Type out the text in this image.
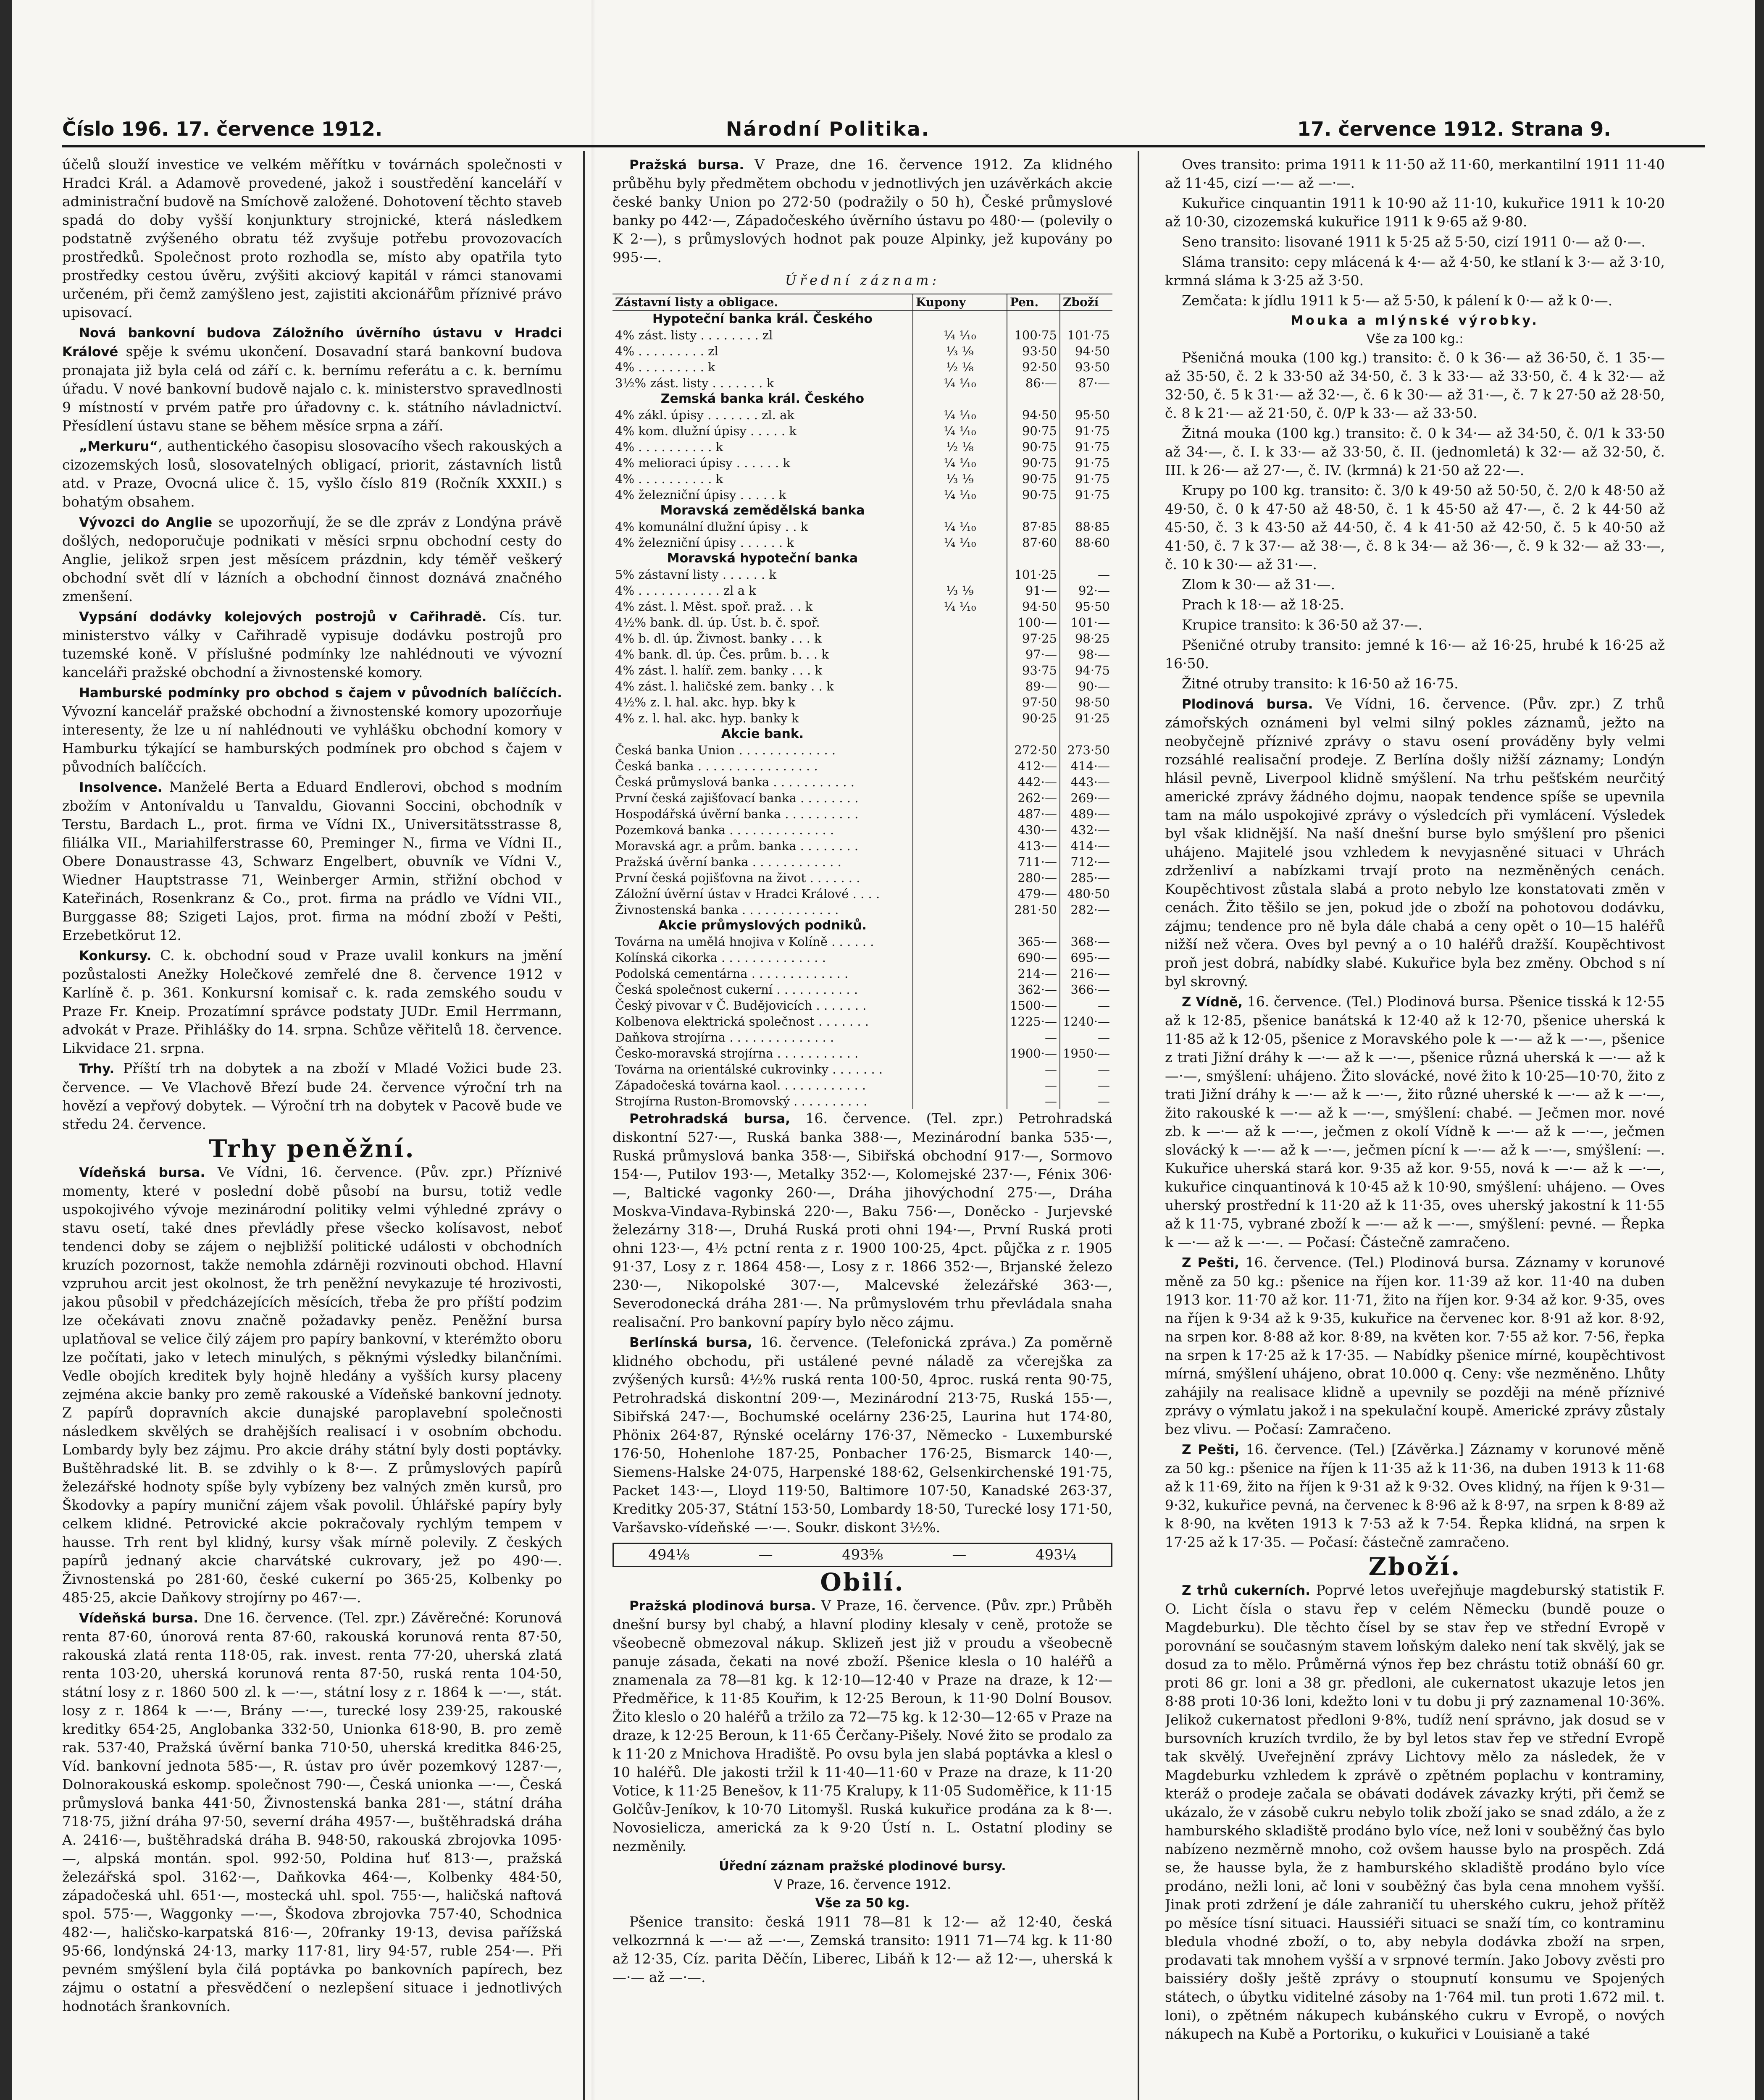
Číslo 196. 17. července 1912.	Národní Politika.	17. července 1912. Strana 9.

účelů slouží investice ve velkém měřítku v továrnách společnosti v Hradci Král. a Adamově provedené, jakož i soustředění kanceláří v administrační budově na Smíchově založené. Dohotovení těchto staveb spadá do doby vyšší konjunktury strojnické, která následkem podstatně zvýšeného obratu též zvyšuje potřebu provozovacích prostředků. Společnost proto rozhodla se, místo aby opatřila tyto prostředky cestou úvěru, zvýšiti akciový kapitál v rámci stanovami určeném, při čemž zamýšleno jest, zajistiti akcionářům příznivé právo upisovací.

Nová bankovní budova Záložního úvěrního ústavu v Hradci Králové spěje k svému ukončení. Dosavadní stará bankovní budova pronajata již byla celá od září c. k. bernímu referátu a c. k. bernímu úřadu. V nové bankovní budově najalo c. k. ministerstvo spravedlnosti 9 místností v prvém patře pro úřadovny c. k. státního návladnictví. Přesídlení ústavu stane se během měsíce srpna a září.

„Merkuru“, authentického časopisu slosovacího všech rakouských a cizozemských losů, slosovatelných obligací, priorit, zástavních listů atd. v Praze, Ovocná ulice č. 15, vyšlo číslo 819 (Ročník XXXII.) s bohatým obsahem.

Vývozci do Anglie se upozorňují, že se dle zpráv z Londýna právě došlých, nedoporučuje podnikati v měsíci srpnu obchodní cesty do Anglie, jelikož srpen jest měsícem prázdnin, kdy téměř veškerý obchodní svět dlí v lázních a obchodní činnost doznává značného zmenšení.

Vypsání dodávky kolejových postrojů v Cařihradě. Cís. tur. ministerstvo války v Cařihradě vypisuje dodávku postrojů pro tuzemské koně. V příslušné podmínky lze nahlédnouti ve vývozní kanceláři pražské obchodní a živnostenské komory.

Hamburské podmínky pro obchod s čajem v původních balíčcích. Vývozní kancelář pražské obchodní a živnostenské komory upozorňuje interesenty, že lze u ní nahlédnouti ve vyhlášku obchodní komory v Hamburku týkající se hamburských podmínek pro obchod s čajem v původních balíčcích.

Insolvence. Manželé Berta a Eduard Endlerovi, obchod s modním zbožím v Antonívaldu u Tanvaldu, Giovanni Soccini, obchodník v Terstu, Bardach L., prot. firma ve Vídni IX., Universitätsstrasse 8, filiálka VII., Mariahilferstrasse 60, Preminger N., firma ve Vídni II., Obere Donaustrasse 43, Schwarz Engelbert, obuvník ve Vídni V., Wiedner Hauptstrasse 71, Weinberger Armin, střižní obchod v Kateřinách, Rosenkranz & Co., prot. firma na prádlo ve Vídni VII., Burggasse 88; Szigeti Lajos, prot. firma na módní zboží v Pešti, Erzebetkörut 12.

Konkursy. C. k. obchodní soud v Praze uvalil konkurs na jmění pozůstalosti Anežky Holečkové zemřelé dne 8. července 1912 v Karlíně č. p. 361. Konkursní komisař c. k. rada zemského soudu v Praze Fr. Kneip. Prozatímní správce podstaty JUDr. Emil Herrmann, advokát v Praze. Přihlášky do 14. srpna. Schůze věřitelů 18. července. Likvidace 21. srpna.

Trhy. Příští trh na dobytek a na zboží v Mladé Vožici bude 23. července. — Ve Vlachově Březí bude 24. července výroční trh na hovězí a vepřový dobytek. — Výroční trh na dobytek v Pacově bude ve středu 24. července.

Trhy peněžní.

Vídeňská bursa. Ve Vídni, 16. července. (Pův. zpr.) Příznivé momenty, které v poslední době působí na bursu, totiž vedle uspokojivého vývoje mezinárodní politiky velmi výhledné zprávy o stavu osetí, také dnes převládly přese všecko kolísavost, neboť tendenci doby se zájem o nejbližší politické události v obchodních kruzích pozornost, takže nemohla zdárněji rozvinouti obchod. Hlavní vzpruhou arcit jest okolnost, že trh peněžní nevykazuje té hrozivosti, jakou působil v předcházejících měsících, třeba že pro příští podzim lze očekávati znovu značně požadavky peněz. Peněžní bursa uplatňoval se velice čilý zájem pro papíry bankovní, v kterémžto oboru lze počítati, jako v letech minulých, s pěknými výsledky bilančními. Vedle obojích kreditek byly hojně hledány a vyšších kursy placeny zejména akcie banky pro země rakouské a Vídeňské bankovní jednoty. Z papírů dopravních akcie dunajské paroplavební společnosti následkem skvělých se drahějších realisací i v osobním obchodu. Lombardy byly bez zájmu. Pro akcie dráhy státní byly dosti poptávky. Buštěhradské lit. B. se zdvihly o k 8·—. Z průmyslových papírů železářské hodnoty spíše byly vybízeny bez valných změn kursů, pro Škodovky a papíry muniční zájem však povolil. Úhlářské papíry byly celkem klidné. Petrovické akcie pokračovaly rychlým tempem v hausse. Trh rent byl klidný, kursy však mírně polevily. Z českých papírů jednaný akcie charvátské cukrovary, jež po 490·—. Živnostenská po 281·60, české cukerní po 365·25, Kolbenky po 485·25, akcie Daňkovy strojírny po 467·—.

Vídeňská bursa. Dne 16. července. (Tel. zpr.) Závěrečné: Korunová renta 87·60, únorová renta 87·60, rakouská korunová renta 87·50, rakouská zlatá renta 118·05, rak. invest. renta 77·20, uherská zlatá renta 103·20, uherská korunová renta 87·50, ruská renta 104·50, státní losy z r. 1860 500 zl. k —·—, státní losy z r. 1864 k —·—, stát. losy z r. 1864 k —·—, Brány —·—, turecké losy 239·25, rakouské kreditky 654·25, Anglobanka 332·50, Unionka 618·90, B. pro země rak. 537·40, Pražská úvěrní banka 710·50, uherská kreditka 846·25, Víd. bankovní jednota 585·—, R. ústav pro úvěr pozemkový 1287·—, Dolnorakouská eskomp. společnost 790·—, Česká unionka —·—, Česká průmyslová banka 441·50, Živnostenská banka 281·—, státní dráha 718·75, jižní dráha 97·50, severní dráha 4957·—, buštěhradská dráha A. 2416·—, buštěhradská dráha B. 948·50, rakouská zbrojovka 1095·—, alpská montán. spol. 992·50, Poldina huť 813·—, pražská železářská spol. 3162·—, Daňkovka 464·—, Kolbenky 484·50, západočeská uhl. 651·—, mostecká uhl. spol. 755·—, haličská naftová spol. 575·—, Waggonky —·—, Škodova zbrojovka 757·40, Schodnica 482·—, haličsko-karpatská 816·—, 20franky 19·13, devisa pařížská 95·66, londýnská 24·13, marky 117·81, liry 94·57, ruble 254·—. Při pevném smýšlení byla čilá poptávka po bankovních papírech, bez zájmu o ostatní a přesvědčení o nezlepšení situace i jednotlivých hodnotách šrankovních.

Pražská bursa. V Praze, dne 16. července 1912. Za klidného průběhu byly předmětem obchodu v jednotlivých jen uzávěrkách akcie české banky Union po 272·50 (podražily o 50 h), České průmyslové banky po 442·—, Západočeského úvěrního ústavu po 480·— (polevily o K 2·—), s průmyslových hodnot pak pouze Alpinky, jež kupovány po 995·—.

Úřední záznam:
Zástavní listy a obligace.	Kupony	Pen.	Zboží
Hypoteční banka král. Českého			
4% zást. listy . . . . . . . . zl	⅟₄ ⅟₁₀	100·75	101·75
4% . . . . . . . . . zl	⅟₃ ⅟₉	93·50	94·50
4% . . . . . . . . . k	⅟₂ ⅟₈	92·50	93·50
3½% zást. listy . . . . . . . k	⅟₄ ⅟₁₀	86·—	87·—
Zemská banka král. Českého			
4% zákl. úpisy . . . . . . . zl. ak	⅟₄ ⅟₁₀	94·50	95·50
4% kom. dlužní úpisy . . . . . k	⅟₄ ⅟₁₀	90·75	91·75
4% . . . . . . . . . . k	⅟₂ ⅟₈	90·75	91·75
4% melioraci úpisy . . . . . . k	⅟₄ ⅟₁₀	90·75	91·75
4% . . . . . . . . . . k	⅟₃ ⅟₉	90·75	91·75
4% železniční úpisy . . . . . k	⅟₄ ⅟₁₀	90·75	91·75
Moravská zemědělská banka			
4% komunální dlužní úpisy . . k	⅟₄ ⅟₁₀	87·85	88·85
4% železniční úpisy . . . . . . k	⅟₄ ⅟₁₀	87·60	88·60
Moravská hypoteční banka			
5% zástavní listy . . . . . . k		101·25	—
4% . . . . . . . . . . . zl a k	⅟₃ ⅟₉	91·—	92·—
4% zást. l. Měst. spoř. praž. . . k	⅟₄ ⅟₁₀	94·50	95·50
4½% bank. dl. úp. Úst. b. č. spoř.		100·—	101·—
4% b. dl. úp. Živnost. banky . . . k		97·25	98·25
4% bank. dl. úp. Čes. prům. b. . . k		97·—	98·—
4% zást. l. halíř. zem. banky . . . k		93·75	94·75
4% zást. l. haličské zem. banky . . k		89·—	90·—
4½% z. l. hal. akc. hyp. bky k		97·50	98·50
4% z. l. hal. akc. hyp. banky k		90·25	91·25
Akcie bank.			
Česká banka Union . . . . . . . . . . . . .		272·50	273·50
Česká banka . . . . . . . . . . . . . . . .		412·—	414·—
Česká průmyslová banka . . . . . . . . . . .		442·—	443·—
První česká zajišťovací banka . . . . . . . .		262·—	269·—
Hospodářská úvěrní banka . . . . . . . . . .		487·—	489·—
Pozemková banka . . . . . . . . . . . . . .		430·—	432·—
Moravská agr. a prům. banka . . . . . . . .		413·—	414·—
Pražská úvěrní banka . . . . . . . . . . . .		711·—	712·—
První česká pojišťovna na život . . . . . . .		280·—	285·—
Záložní úvěrní ústav v Hradci Králové . . . .		479·—	480·50
Živnostenská banka . . . . . . . . . . . . .		281·50	282·—
Akcie průmyslových podniků.			
Továrna na umělá hnojiva v Kolíně . . . . . .		365·—	368·—
Kolínská cikorka . . . . . . . . . . . . . .		690·—	695·—
Podolská cementárna . . . . . . . . . . . . .		214·—	216·—
Česká společnost cukerní . . . . . . . . . . .		362·—	366·—
Český pivovar v Č. Budějovicích . . . . . . .		1500·—	—
Kolbenova elektrická společnost . . . . . . .		1225·—	1240·—
Daňkova strojírna . . . . . . . . . . . . . .		—	—
Česko-moravská strojírna . . . . . . . . . . .		1900·—	1950·—
Továrna na orientálské cukrovinky . . . . . . .		—	—
Západočeská továrna kaol. . . . . . . . . . . .		—	—
Strojírna Ruston-Bromovský . . . . . . . . . .		—	—

Petrohradská bursa, 16. července. (Tel. zpr.) Petrohradská diskontní 527·—, Ruská banka 388·—, Mezinárodní banka 535·—, Ruská průmyslová banka 358·—, Sibiřská obchodní 917·—, Sormovo 154·—, Putilov 193·—, Metalky 352·—, Kolomejské 237·—, Fénix 306·—, Baltické vagonky 260·—, Dráha jihovýchodní 275·—, Dráha Moskva-Vindava-Rybinská 220·—, Baku 756·—, Doněcko - Jurjevské železárny 318·—, Druhá Ruská proti ohni 194·—, První Ruská proti ohni 123·—, 4½ pctní renta z r. 1900 100·25, 4pct. půjčka z r. 1905 91·37, Losy z r. 1864 458·—, Losy z r. 1866 352·—, Brjanské železo 230·—, Nikopolské 307·—, Malcevské železářské 363·—, Severodonecká dráha 281·—. Na průmyslovém trhu převládala snaha realisační. Pro bankovní papíry bylo něco zájmu.

Berlínská bursa, 16. července. (Telefonická zpráva.) Za poměrně klidného obchodu, při ustálené pevné náladě za včerejška za zvýšených kursů: 4½% ruská renta 100·50, 4proc. ruská renta 90·75, Petrohradská diskontní 209·—, Mezinárodní 213·75, Ruská 155·—, Sibiřská 247·—, Bochumské ocelárny 236·25, Laurina hut 174·80, Phönix 264·87, Rýnské ocelárny 176·37, Německo - Luxemburské 176·50, Hohenlohe 187·25, Ponbacher 176·25, Bismarck 140·—, Siemens-Halske 24·075, Harpenské 188·62, Gelsenkirchenské 191·75, Packet 143·—, Lloyd 119·50, Baltimore 107·50, Kanadské 263·37, Kreditky 205·37, Státní 153·50, Lombardy 18·50, Turecké losy 171·50, Varšavsko-vídeňské —·—. Soukr. diskont 3½%.

494⅛	—	493⅝	—	493¼
Obilí.

Pražská plodinová bursa. V Praze, 16. července. (Pův. zpr.) Průběh dnešní bursy byl chabý, a hlavní plodiny klesaly v ceně, protože se všeobecně obmezoval nákup. Sklizeň jest již v proudu a všeobecně panuje zásada, čekati na nové zboží. Pšenice klesla o 10 haléřů a znamenala za 78—81 kg. k 12·10—12·40 v Praze na draze, k 12·— Předměřice, k 11·85 Kouřim, k 12·25 Beroun, k 11·90 Dolní Bousov. Žito kleslo o 20 haléřů a tržilo za 72—75 kg. k 12·30—12·65 v Praze na draze, k 12·25 Beroun, k 11·65 Čerčany-Pišely. Nové žito se prodalo za k 11·20 z Mnichova Hradiště. Po ovsu byla jen slabá poptávka a klesl o 10 haléřů. Dle jakosti tržil k 11·40—11·60 v Praze na draze, k 11·20 Votice, k 11·25 Benešov, k 11·75 Kralupy, k 11·05 Sudoměřice, k 11·15 Golčův-Jeníkov, k 10·70 Litomyšl. Ruská kukuřice prodána za k 8·—. Novosielicza, americká za k 9·20 Ústí n. L. Ostatní plodiny se nezměnily.

Úřední záznam pražské plodinové bursy.
V Praze, 16. července 1912.
Vše za 50 kg.

Pšenice transito: česká 1911 78—81 k 12·— až 12·40, česká velkozrnná k —·— až —·—, Zemská transito: 1911 71—74 kg. k 11·80 až 12·35, Cíz. parita Děčín, Liberec, Libáň k 12·— až 12·—, uherská k —·— až —·—.

Oves transito: prima 1911 k 11·50 až 11·60, merkantilní 1911 11·40 až 11·45, cizí —·— až —·—.

Kukuřice cinquantin 1911 k 10·90 až 11·10, kukuřice 1911 k 10·20 až 10·30, cizozemská kukuřice 1911 k 9·65 až 9·80.

Seno transito: lisované 1911 k 5·25 až 5·50, cizí 1911 0·— až 0·—.

Sláma transito: cepy mlácená k 4·— až 4·50, ke stlaní k 3·— až 3·10, krmná sláma k 3·25 až 3·50.

Zemčata: k jídlu 1911 k 5·— až 5·50, k pálení k 0·— až k 0·—.

Mouka a mlýnské výrobky.
Vše za 100 kg.:

Pšeničná mouka (100 kg.) transito: č. 0 k 36·— až 36·50, č. 1 35·— až 35·50, č. 2 k 33·50 až 34·50, č. 3 k 33·— až 33·50, č. 4 k 32·— až 32·50, č. 5 k 31·— až 32·—, č. 6 k 30·— až 31·—, č. 7 k 27·50 až 28·50, č. 8 k 21·— až 21·50, č. 0/P k 33·— až 33·50.

Žitná mouka (100 kg.) transito: č. 0 k 34·— až 34·50, č. 0/1 k 33·50 až 34·—, č. I. k 33·— až 33·50, č. II. (jednomletá) k 32·— až 32·50, č. III. k 26·— až 27·—, č. IV. (krmná) k 21·50 až 22·—.

Krupy po 100 kg. transito: č. 3/0 k 49·50 až 50·50, č. 2/0 k 48·50 až 49·50, č. 0 k 47·50 až 48·50, č. 1 k 45·50 až 47·—, č. 2 k 44·50 až 45·50, č. 3 k 43·50 až 44·50, č. 4 k 41·50 až 42·50, č. 5 k 40·50 až 41·50, č. 7 k 37·— až 38·—, č. 8 k 34·— až 36·—, č. 9 k 32·— až 33·—, č. 10 k 30·— až 31·—.

Zlom k 30·— až 31·—.

Prach k 18·— až 18·25.

Krupice transito: k 36·50 až 37·—.

Pšeničné otruby transito: jemné k 16·— až 16·25, hrubé k 16·25 až 16·50.

Žitné otruby transito: k 16·50 až 16·75.

Plodinová bursa. Ve Vídni, 16. července. (Pův. zpr.) Z trhů zámořských oznámeni byl velmi silný pokles záznamů, ježto na neobyčejně příznivé zprávy o stavu osení prováděny byly velmi rozsáhlé realisační prodeje. Z Berlína došly nižší záznamy; Londýn hlásil pevně, Liverpool klidně smýšlení. Na trhu pešťském neurčitý americké zprávy žádného dojmu, naopak tendence spíše se upevnila tam na málo uspokojivé zprávy o výsledcích při vymlácení. Výsledek byl však klidnější. Na naší dnešní burse bylo smýšlení pro pšenici uhájeno. Majitelé jsou vzhledem k nevyjasněné situaci v Uhrách zdrženliví a nabízkami trvají proto na nezměněných cenách. Koupěchtivost zůstala slabá a proto nebylo lze konstatovati změn v cenách. Žito těšilo se jen, pokud jde o zboží na pohotovou dodávku, zájmu; tendence pro ně byla dále chabá a ceny opět o 10—15 haléřů nižší než včera. Oves byl pevný a o 10 haléřů dražší. Koupěchtivost proň jest dobrá, nabídky slabé. Kukuřice byla bez změny. Obchod s ní byl skrovný.

Z Vídně, 16. července. (Tel.) Plodinová bursa. Pšenice tisská k 12·55 až k 12·85, pšenice banátská k 12·40 až k 12·70, pšenice uherská k 11·85 až k 12·05, pšenice z Moravského pole k —·— až k —·—, pšenice z trati Jižní dráhy k —·— až k —·—, pšenice různá uherská k —·— až k —·—, smýšlení: uhájeno. Žito slovácké, nové žito k 10·25—10·70, žito z trati Jižní dráhy k —·— až k —·—, žito různé uherské k —·— až k —·—, žito rakouské k —·— až k —·—, smýšlení: chabé. — Ječmen mor. nové zb. k —·— až k —·—, ječmen z okolí Vídně k —·— až k —·—, ječmen slovácký k —·— až k —·—, ječmen pícní k —·— až k —·—, smýšlení: —. Kukuřice uherská stará kor. 9·35 až kor. 9·55, nová k —·— až k —·—, kukuřice cinquantinová k 10·45 až k 10·90, smýšlení: uhájeno. — Oves uherský prostřední k 11·20 až k 11·35, oves uherský jakostní k 11·55 až k 11·75, vybrané zboží k —·— až k —·—, smýšlení: pevné. — Řepka k —·— až k —·—. — Počasí: Částečně zamračeno.

Z Pešti, 16. července. (Tel.) Plodinová bursa. Záznamy v korunové měně za 50 kg.: pšenice na říjen kor. 11·39 až kor. 11·40 na duben 1913 kor. 11·70 až kor. 11·71, žito na říjen kor. 9·34 až kor. 9·35, oves na říjen k 9·34 až k 9·35, kukuřice na červenec kor. 8·91 až kor. 8·92, na srpen kor. 8·88 až kor. 8·89, na květen kor. 7·55 až kor. 7·56, řepka na srpen k 17·25 až k 17·35. — Nabídky pšenice mírné, koupěchtivost mírná, smýšlení uhájeno, obrat 10.000 q. Ceny: vše nezměněno. Lhůty zahájily na realisace klidně a upevnily se později na méně příznivé zprávy o výmlatu jakož i na spekulační koupě. Americké zprávy zůstaly bez vlivu. — Počasí: Zamračeno.

Z Pešti, 16. července. (Tel.) [Závěrka.] Záznamy v korunové měně za 50 kg.: pšenice na říjen k 11·35 až k 11·36, na duben 1913 k 11·68 až k 11·69, žito na říjen k 9·31 až k 9·32. Oves klidný, na říjen k 9·31—9·32, kukuřice pevná, na červenec k 8·96 až k 8·97, na srpen k 8·89 až k 8·90, na květen 1913 k 7·53 až k 7·54. Řepka klidná, na srpen k 17·25 až k 17·35. — Počasí: částečně zamračeno.

Zboží.

Z trhů cukerních. Poprvé letos uveřejňuje magdeburský statistik F. O. Licht čísla o stavu řep v celém Německu (bundě pouze o Magdeburku). Dle těchto čísel by se stav řep ve střední Evropě v porovnání se současným stavem loňským daleko není tak skvělý, jak se dosud za to mělo. Průměrná výnos řep bez chrástu totiž obnáší 60 gr. proti 86 gr. loni a 38 gr. předloni, ale cukernatost ukazuje letos jen 8·88 proti 10·36 loni, kdežto loni v tu dobu ji prý zaznamenal 10·36%. Jelikož cukernatost předloni 9·8%, tudíž není správno, jak dosud se v bursovních kruzích tvrdilo, že by byl letos stav řep ve střední Evropě tak skvělý. Uveřejnění zprávy Lichtovy mělo za následek, že v Magdeburku vzhledem k zprávě o zpětném poplachu v kontraminy, kteráž o prodeje začala se obávati dodávek závazky krýti, při čemž se ukázalo, že v zásobě cukru nebylo tolik zboží jako se snad zdálo, a že z hamburského skladiště prodáno bylo více, než loni v souběžný čas bylo nabízeno nezměrně mnoho, což ovšem hausse bylo na prospěch. Zdá se, že hausse byla, že z hamburského skladiště prodáno bylo více prodáno, nežli loni, ač loni v souběžný čas byla cena mnohem vyšší. Jinak proti zdržení je dále zahraničí tu uherského cukru, jehož přítěž po měsíce tísní situaci. Haussiéři situaci se snaží tím, co kontraminu bledula vhodné zboží, o to, aby nebyla dodávka zboží na srpen, prodavati tak mnohem vyšší a v srpnové termín. Jako Jobovy zvěsti pro baissiéry došly ještě zprávy o stoupnutí konsumu ve Spojených státech, o úbytku viditelné zásoby na 1·764 mil. tun proti 1.672 mil. t. loni), o zpětném nákupech kubánského cukru v Evropě, o nových nákupech na Kubě a Portoriku, o kukuřici v Louisianě a také
